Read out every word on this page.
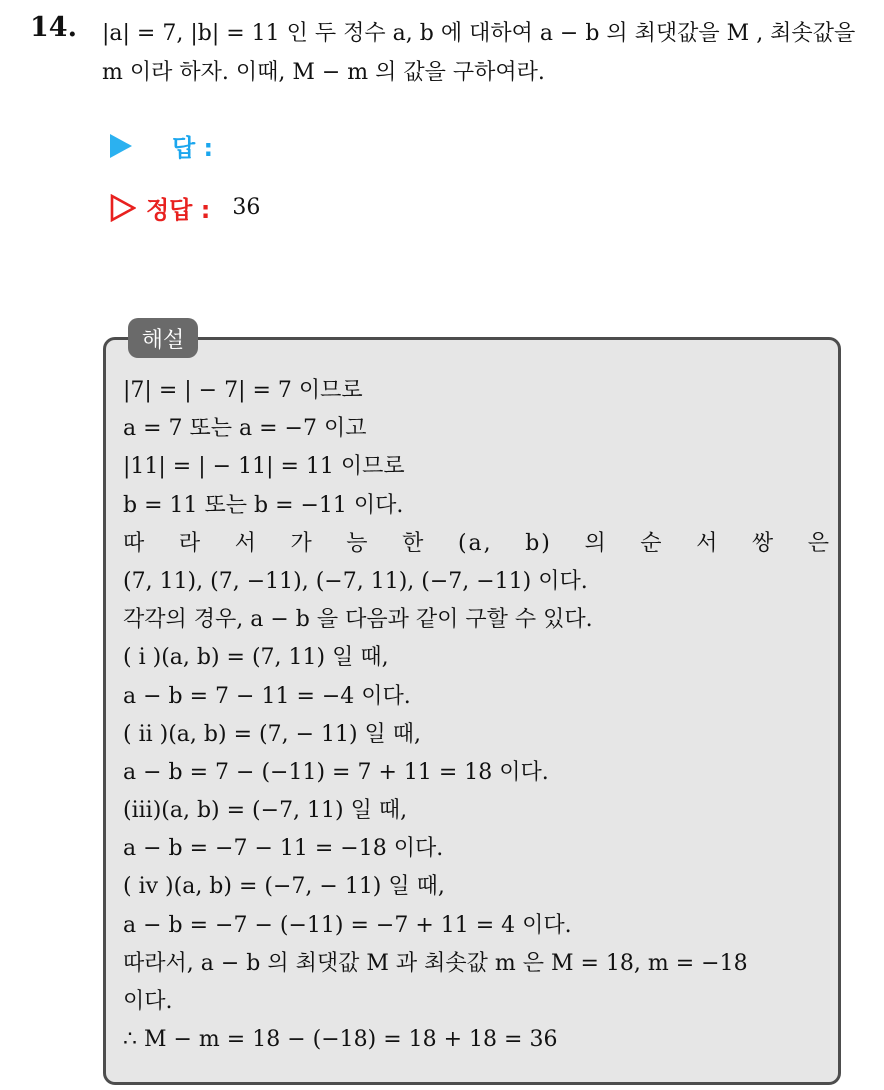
14. |a| = 7, |b| = 11 인 두 정수 a, b 에 대하여 a − b 의 최댓값을 M , 최솟값을 m 이라 하자. 이때, M − m 의 값을 구하여라.
답 :
정답 : 36
해설
|7| = | − 7| = 7 이므로
a = 7 또는 a = −7 이고
|11| = | − 11| = 11 이므로
b = 11 또는 b = −11 이다.
따 라 서 가 능 한 (a, b) 의 순 서 쌍 은
(7, 11), (7, −11), (−7, 11), (−7, −11) 이다.
각각의 경우, a − b 을 다음과 같이 구할 수 있다.
( i )(a, b) = (7, 11) 일 때,
a − b = 7 − 11 = −4 이다.
( ii )(a, b) = (7, − 11) 일 때,
a − b = 7 − (−11) = 7 + 11 = 18 이다.
(iii)(a, b) = (−7, 11) 일 때,
a − b = −7 − 11 = −18 이다.
( iv )(a, b) = (−7, − 11) 일 때,
a − b = −7 − (−11) = −7 + 11 = 4 이다.
따라서, a − b 의 최댓값 M 과 최솟값 m 은 M = 18, m = −18
이다.
∴ M − m = 18 − (−18) = 18 + 18 = 36
